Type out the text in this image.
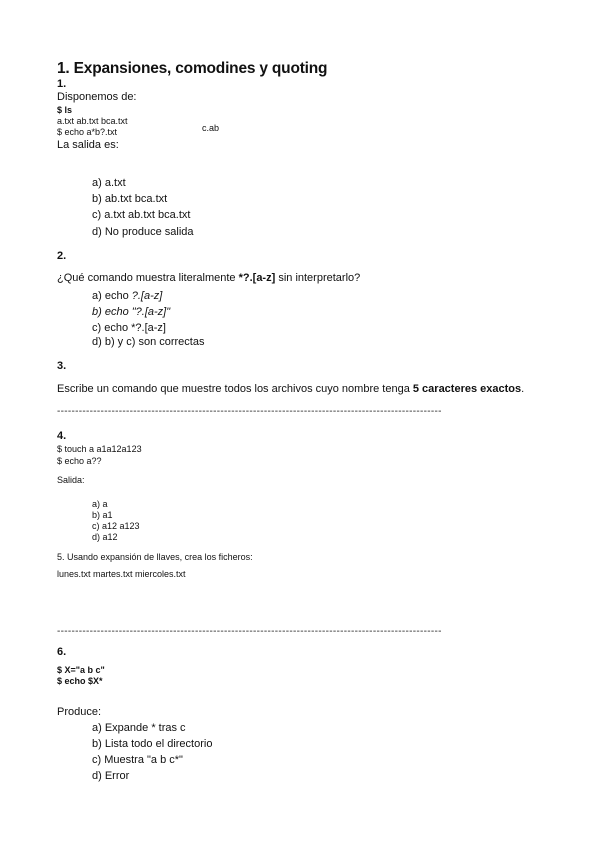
1. Expansiones, comodines y quoting
1.
Disponemos de:
$ ls
a.txt ab.txt bca.txt
$ echo a*b?.txt	c.ab
La salida es:
a) a.txt
b) ab.txt bca.txt
c) a.txt ab.txt bca.txt
d) No produce salida
2.
¿Qué comando muestra literalmente *?.[a-z] sin interpretarlo?
a) echo ?.[a-z]
b) echo "?.[a-z]"
c) echo *?.[a-z]
d) b) y c) son correctas
3.
Escribe un comando que muestre todos los archivos cuyo nombre tenga 5 caracteres exactos.
----------------------------------------------------------------------------------------------------------
4.
$ touch a a1a12a123
$ echo a??
Salida:
a) a
b) a1
c) a12 a123
d) a12
5. Usando expansión de llaves, crea los ficheros:
lunes.txt martes.txt miercoles.txt
----------------------------------------------------------------------------------------------------------
6.
$ X="a b c"
$ echo $X*
Produce:
a) Expande * tras c
b) Lista todo el directorio
c) Muestra "a b c*"
d) Error
